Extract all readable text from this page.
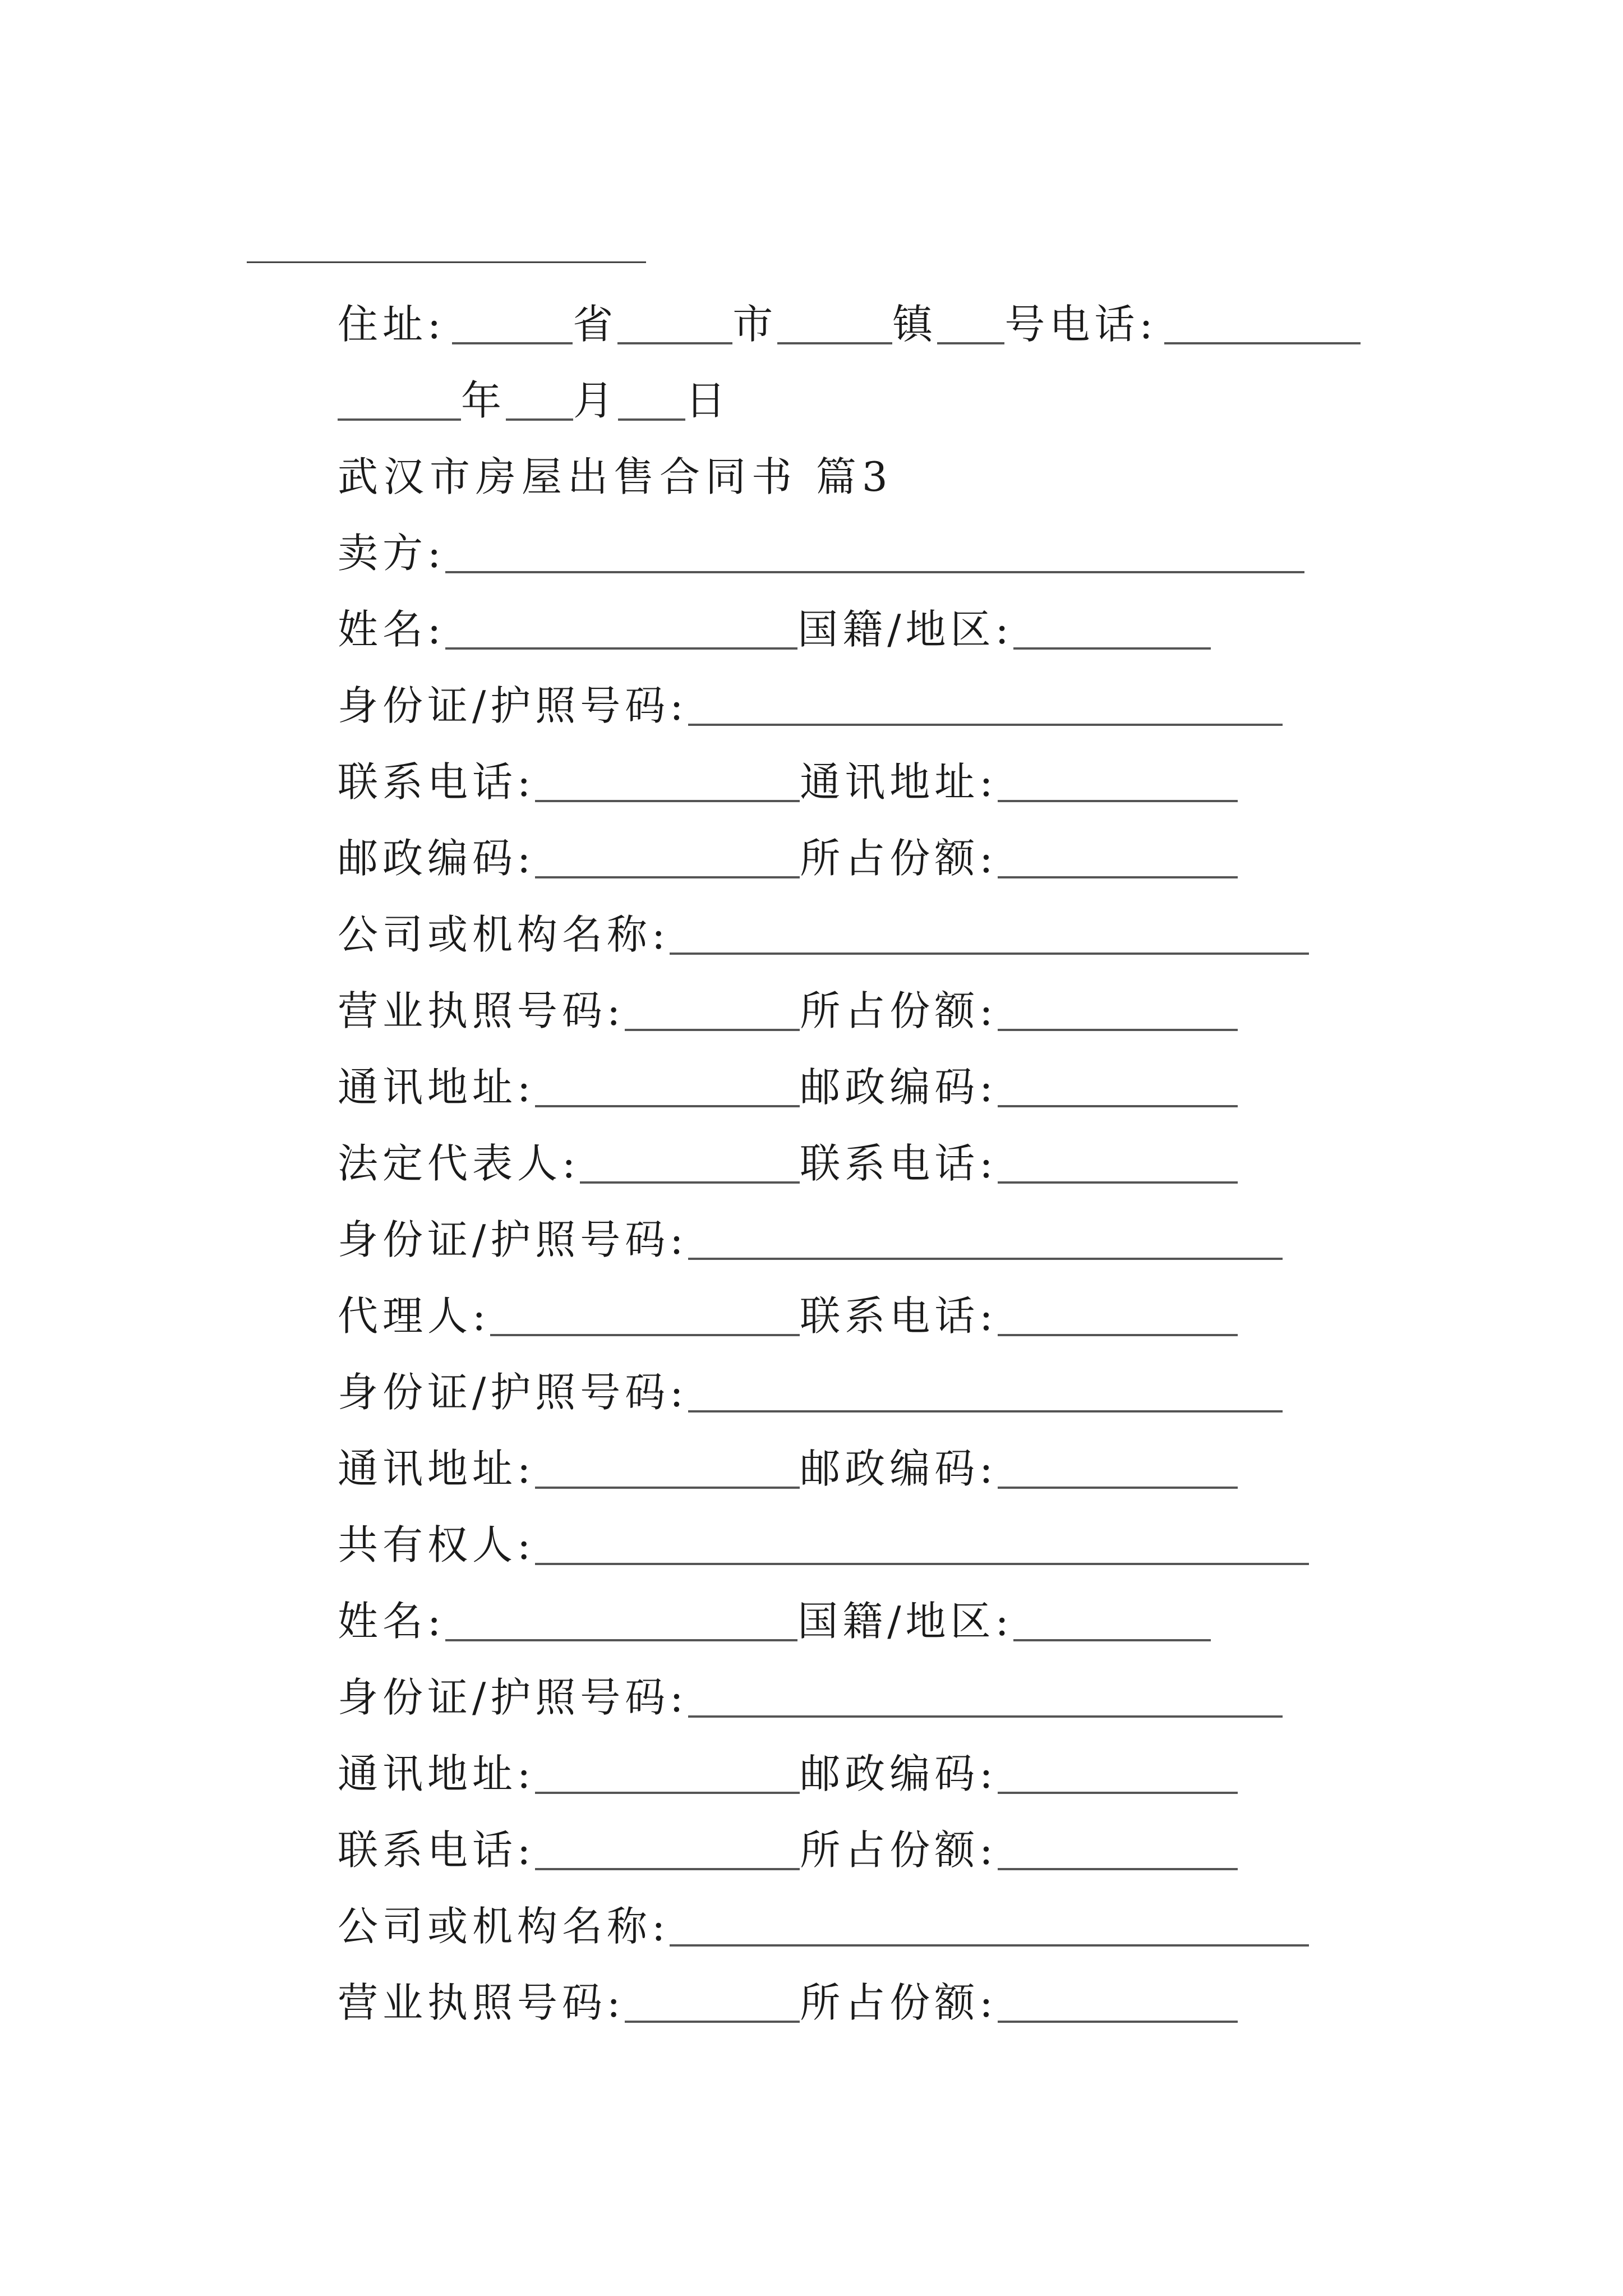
住址:	省	市	镇 号电话:
年 月 日
武汉市房屋出售合同书 篇3
卖方:
姓名:	国籍/地区:
身份证/护照号码:
联系电话:	通讯地址:
邮政编码:	所占份额:
公司或机构名称:
营业执照号码:	所占份额:
通讯地址:	邮政编码:
法定代表人:	联系电话:
身份证/护照号码:
代理人:	联系电话:
身份证/护照号码:
通讯地址:	邮政编码:
共有权人:
姓名:	国籍/地区:
身份证/护照号码:
通讯地址:	邮政编码:
联系电话:	所占份额:
公司或机构名称:
营业执照号码:	所占份额:
